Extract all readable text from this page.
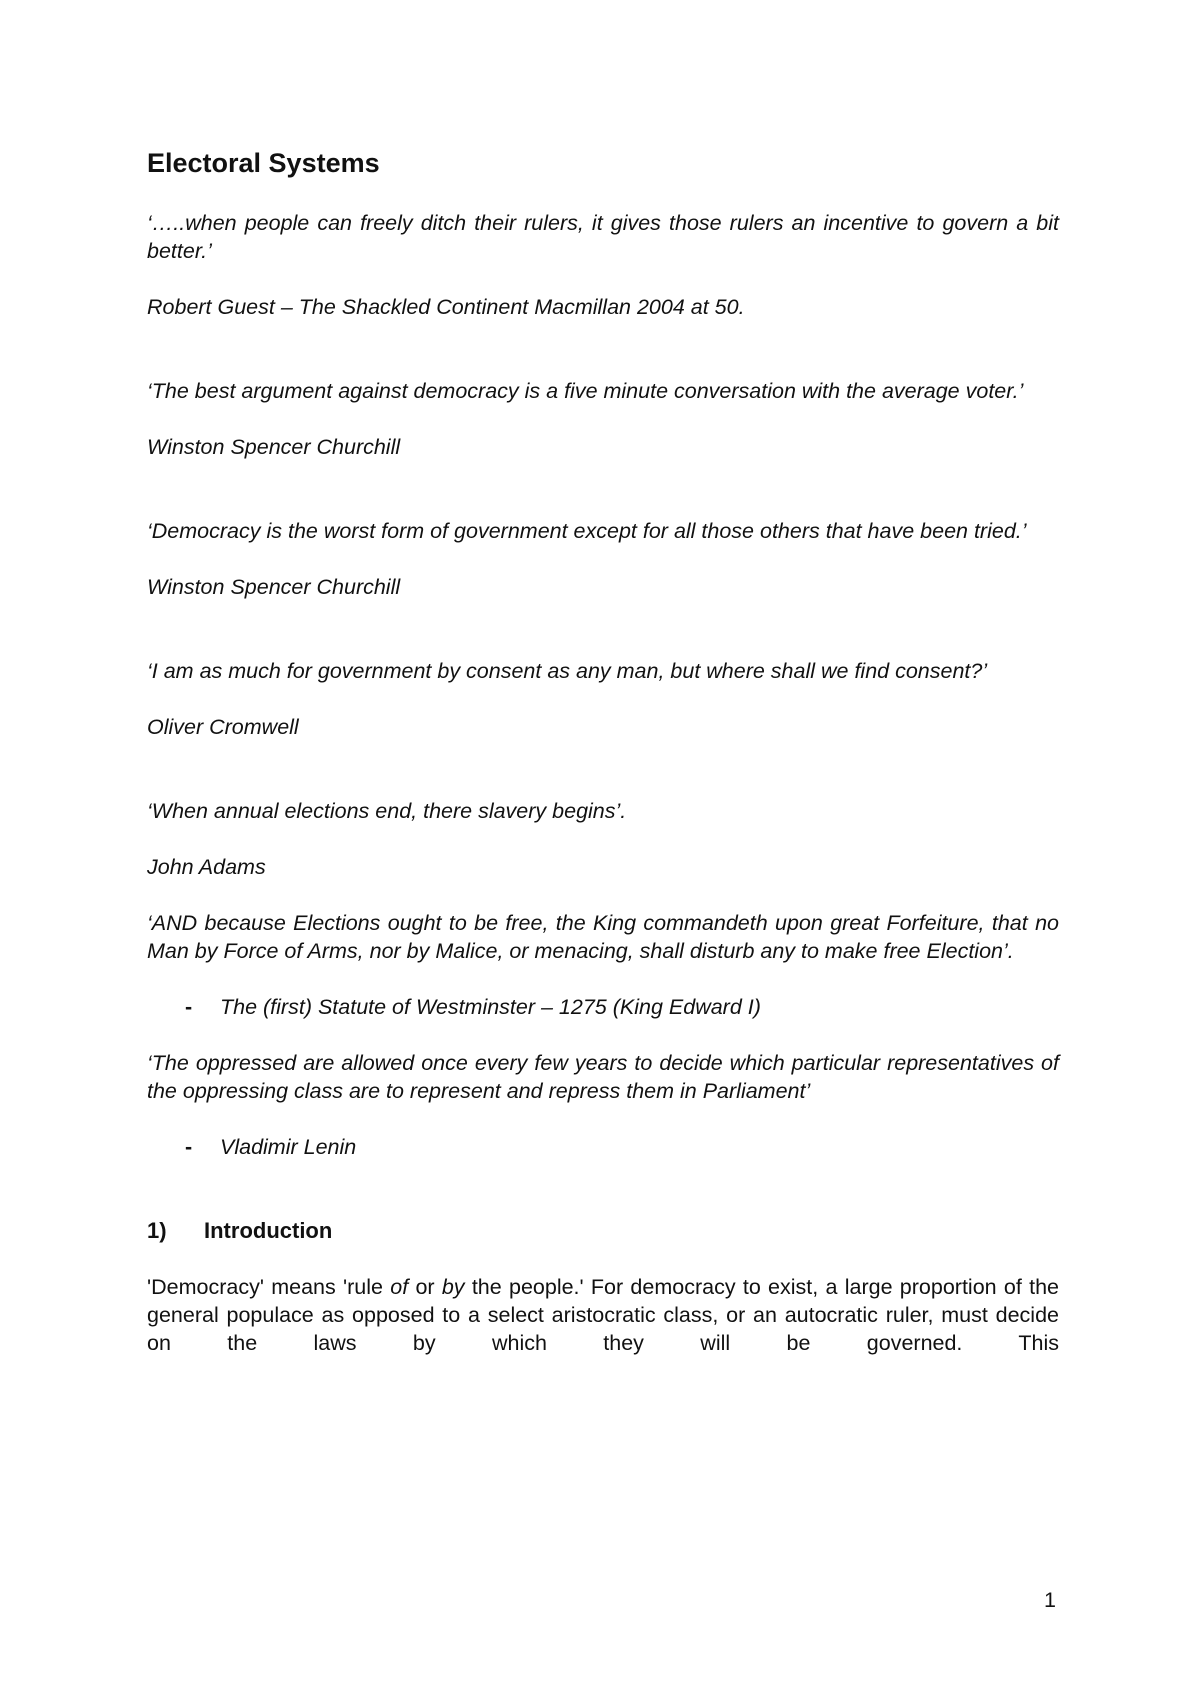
Electoral Systems

‘…..when people can freely ditch their rulers, it gives those rulers an incentive to govern a bit better.’

Robert Guest – The Shackled Continent Macmillan 2004 at 50.

‘The best argument against democracy is a five minute conversation with the average voter.’

Winston Spencer Churchill

‘Democracy is the worst form of government except for all those others that have been tried.’

Winston Spencer Churchill

‘I am as much for government by consent as any man, but where shall we find consent?’

Oliver Cromwell

‘When annual elections end, there slavery begins’.

John Adams

‘AND because Elections ought to be free, the King commandeth upon great Forfeiture, that no Man by Force of Arms, nor by Malice, or menacing, shall disturb any to make free Election’.

- The (first) Statute of Westminster – 1275 (King Edward I)

‘The oppressed are allowed once every few years to decide which particular representatives of the oppressing class are to represent and repress them in Parliament’

- Vladimir Lenin

1) Introduction

'Democracy' means 'rule of or by the people.' For democracy to exist, a large proportion of the general populace as opposed to a select aristocratic class, or an autocratic ruler, must decide on the laws by which they will be governed. This

1
